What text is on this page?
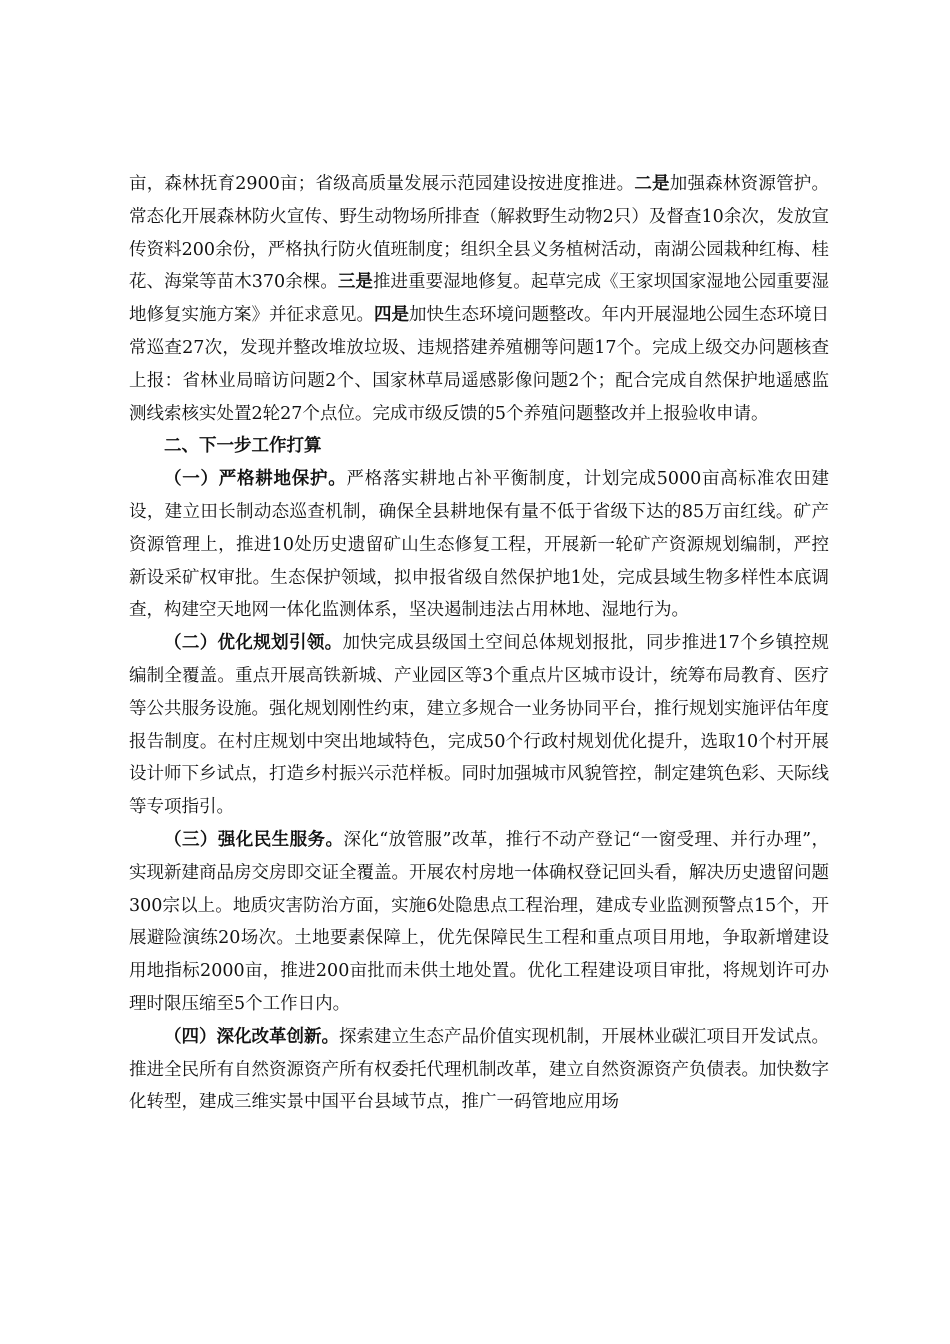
亩，森林抚育2900亩；省级高质量发展示范园建设按进度推进。二是加强森林资源管护。常态化开展森林防火宣传、野生动物场所排查（解救野生动物2只）及督查10余次，发放宣传资料200余份，严格执行防火值班制度；组织全县义务植树活动，南湖公园栽种红梅、桂花、海棠等苗木370余棵。三是推进重要湿地修复。起草完成《王家坝国家湿地公园重要湿地修复实施方案》并征求意见。四是加快生态环境问题整改。年内开展湿地公园生态环境日常巡查27次，发现并整改堆放垃圾、违规搭建养殖棚等问题17个。完成上级交办问题核查上报：省林业局暗访问题2个、国家林草局遥感影像问题2个；配合完成自然保护地遥感监测线索核实处置2轮27个点位。完成市级反馈的5个养殖问题整改并上报验收申请。

二、下一步工作打算

（一）严格耕地保护。严格落实耕地占补平衡制度，计划完成5000亩高标准农田建设，建立田长制动态巡查机制，确保全县耕地保有量不低于省级下达的85万亩红线。矿产资源管理上，推进10处历史遗留矿山生态修复工程，开展新一轮矿产资源规划编制，严控新设采矿权审批。生态保护领域，拟申报省级自然保护地1处，完成县域生物多样性本底调查，构建空天地网一体化监测体系，坚决遏制违法占用林地、湿地行为。

（二）优化规划引领。加快完成县级国土空间总体规划报批，同步推进17个乡镇控规编制全覆盖。重点开展高铁新城、产业园区等3个重点片区城市设计，统筹布局教育、医疗等公共服务设施。强化规划刚性约束，建立多规合一业务协同平台，推行规划实施评估年度报告制度。在村庄规划中突出地域特色，完成50个行政村规划优化提升，选取10个村开展设计师下乡试点，打造乡村振兴示范样板。同时加强城市风貌管控，制定建筑色彩、天际线等专项指引。

（三）强化民生服务。深化“放管服”改革，推行不动产登记“一窗受理、并行办理”，实现新建商品房交房即交证全覆盖。开展农村房地一体确权登记回头看，解决历史遗留问题300宗以上。地质灾害防治方面，实施6处隐患点工程治理，建成专业监测预警点15个，开展避险演练20场次。土地要素保障上，优先保障民生工程和重点项目用地，争取新增建设用地指标2000亩，推进200亩批而未供土地处置。优化工程建设项目审批，将规划许可办理时限压缩至5个工作日内。

（四）深化改革创新。探索建立生态产品价值实现机制，开展林业碳汇项目开发试点。推进全民所有自然资源资产所有权委托代理机制改革，建立自然资源资产负债表。加快数字化转型，建成三维实景中国平台县域节点，推广一码管地应用场
